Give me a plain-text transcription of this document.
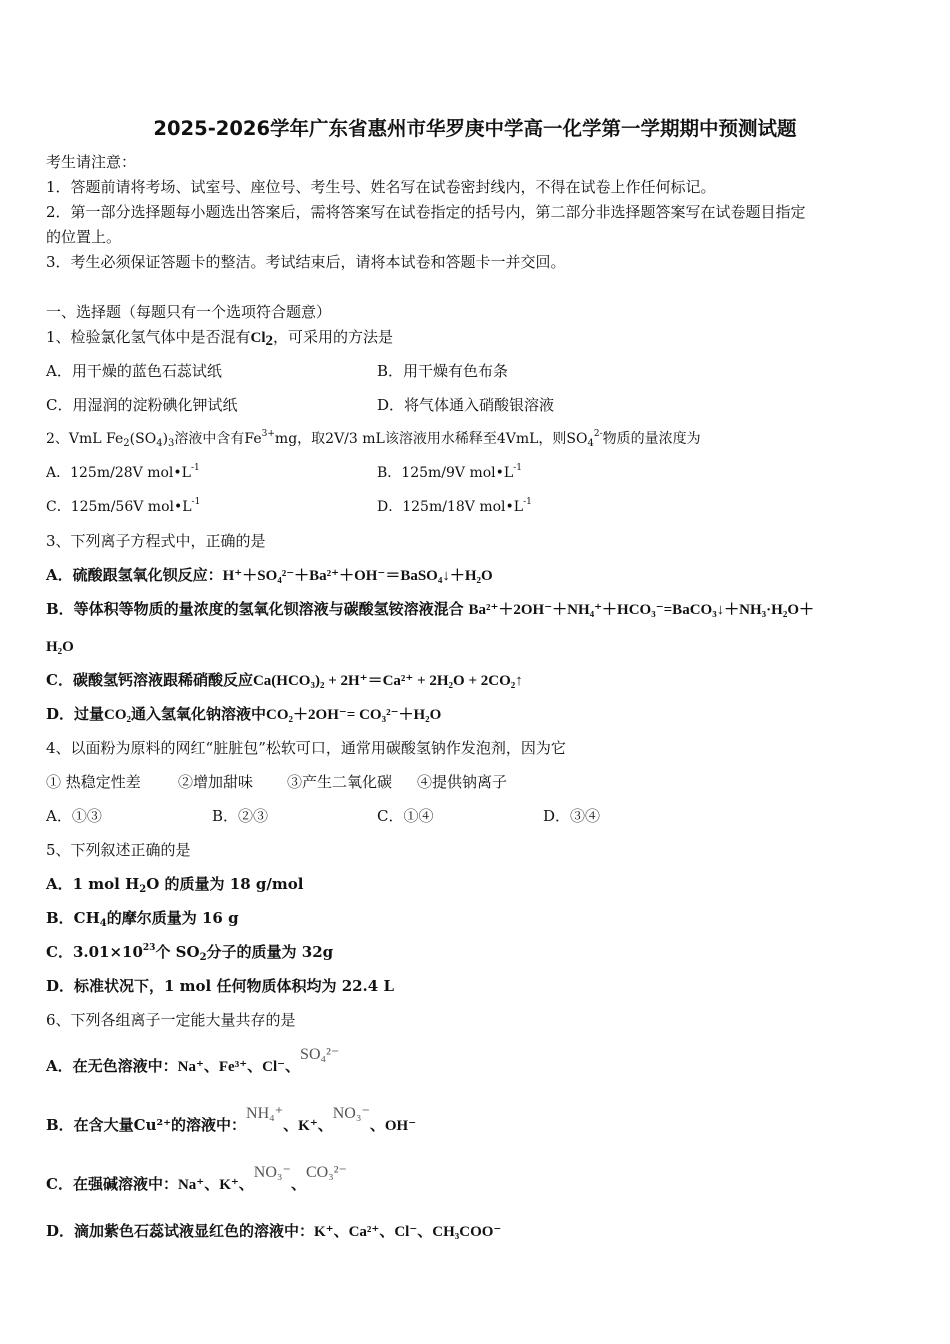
2025-2026学年广东省惠州市华罗庚中学高一化学第一学期期中预测试题
考生请注意：
1．答题前请将考场、试室号、座位号、考生号、姓名写在试卷密封线内，不得在试卷上作任何标记。
2．第一部分选择题每小题选出答案后，需将答案写在试卷指定的括号内，第二部分非选择题答案写在试卷题目指定
的位置上。
3．考生必须保证答题卡的整洁。考试结束后，请将本试卷和答题卡一并交回。
一、选择题（每题只有一个选项符合题意）
1、检验氯化氢气体中是否混有$Cl_2$，可采用的方法是
A．用干燥的蓝色石蕊试纸	B．用干燥有色布条
C．用湿润的淀粉碘化钾试纸	D．将气体通入硝酸银溶液
2、VmL $Fe_2(SO_4)_3$溶液中含有$Fe^{3+}mg$，取2V/3 mL该溶液用水稀释至4VmL，则$SO_4^{2-}$物质的量浓度为
A．125m/28V $mol•L^{-1}$	B．125m/9V $mol•L^{-1}$
C．125m/56V $mol•L^{-1}$	D．125m/18V $mol•L^{-1}$
3、下列离子方程式中，正确的是
A．硫酸跟氢氧化钡反应：H⁺＋SO₄²⁻＋Ba²⁺＋OH⁻＝BaSO₄↓＋H₂O
B．等体积等物质的量浓度的氢氧化钡溶液与碳酸氢铵溶液混合 Ba²⁺＋2OH⁻＋NH₄⁺＋HCO₃⁻=BaCO₃↓＋NH₃·H₂O＋
H₂O
C．碳酸氢钙溶液跟稀硝酸反应Ca(HCO₃)₂ + 2H⁺＝Ca²⁺ + 2H₂O + 2CO₂↑
D．过量CO₂通入氢氧化钠溶液中CO₂＋2OH⁻= CO₃²⁻＋H₂O
4、以面粉为原料的网红“脏脏包”松软可口，通常用碳酸氢钠作发泡剂，因为它
① 热稳定性差 ②增加甜味 ③产生二氧化碳 ④提供钠离子
A．①③	B．②③	C．①④	D．③④
5、下列叙述正确的是
A．1 mol $H_2O$ 的质量为 18 g/mol
B．$CH_4$的摩尔质量为 16 g
C．$3.01\times 10^{23}$个 $SO_2$分子的质量为 32g
D．标准状况下，1 mol 任何物质体积均为 22.4 L
6、下列各组离子一定能大量共存的是
A．在无色溶液中：Na⁺、Fe³⁺、Cl⁻、SO₄²⁻
B．在含大量Cu²⁺的溶液中：NH₄⁺、K⁺、NO₃⁻、OH⁻
C．在强碱溶液中：Na⁺、K⁺、NO₃⁻、CO₃²⁻
D．滴加紫色石蕊试液显红色的溶液中：K⁺、Ca²⁺、Cl⁻、CH₃COO⁻
